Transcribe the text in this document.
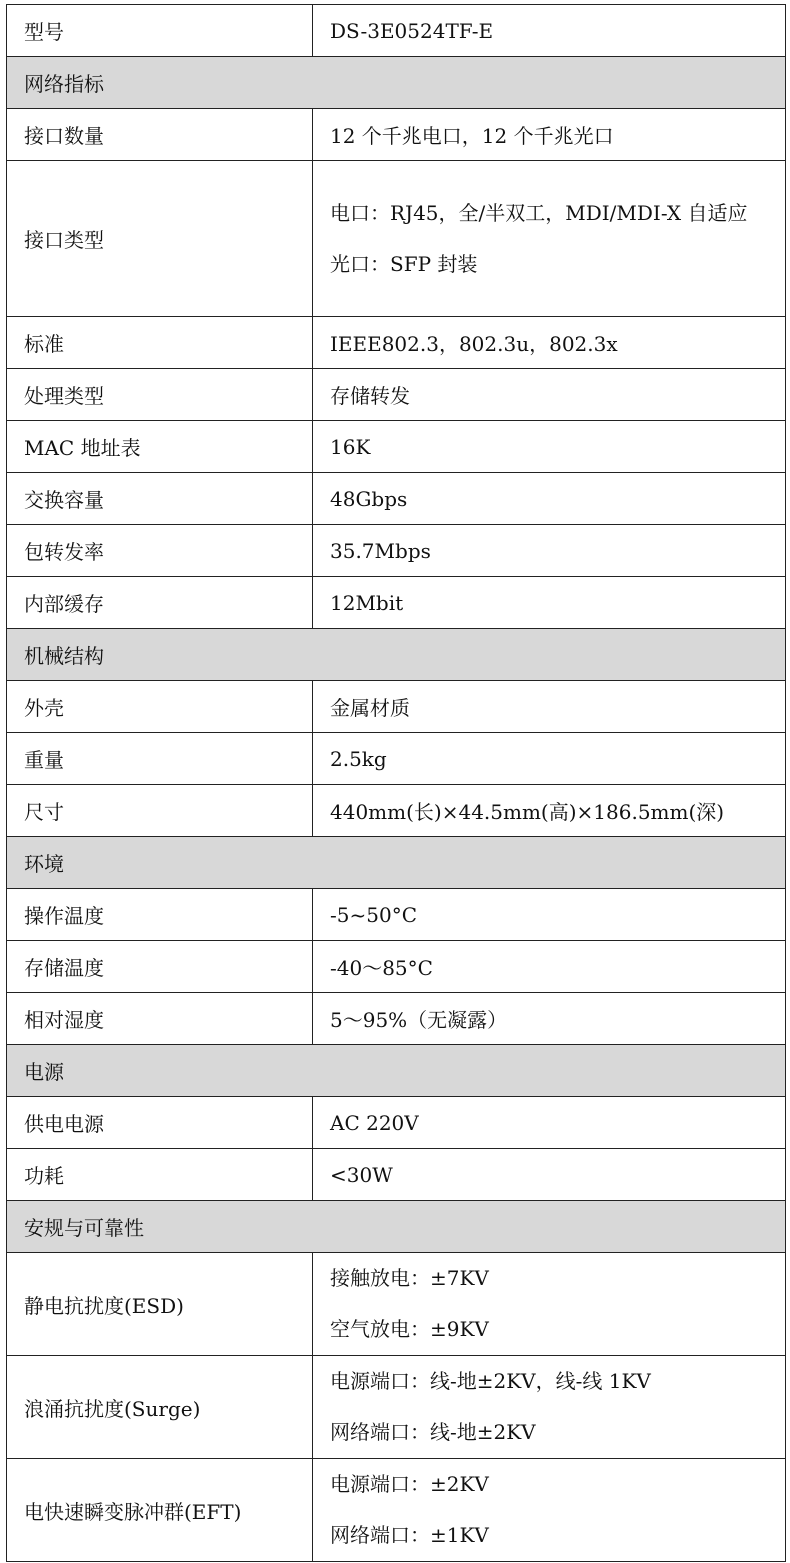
型号	DS-3E0524TF-E
网络指标	
接口数量	12 个千兆电口，12 个千兆光口
接口类型	电口：RJ45，全/半双工，MDI/MDI-X 自适应
光口：SFP 封装

标准	IEEE802.3，802.3u，802.3x
处理类型	存储转发
MAC 地址表	16K
交换容量	48Gbps
包转发率	35.7Mbps
内部缓存	12Mbit
机械结构	
外壳	金属材质
重量	2.5kg
尺寸	440mm(长)×44.5mm(高)×186.5mm(深)
环境	
操作温度	-5~50°C
存储温度	-40～85°C
相对湿度	5～95%（无凝露）
电源	
供电电源	AC 220V
功耗	<30W
安规与可靠性	
静电抗扰度(ESD)	接触放电：±7KV
空气放电：±9KV

浪涌抗扰度(Surge)	电源端口：线-地±2KV，线-线 1KV
网络端口：线-地±2KV

电快速瞬变脉冲群(EFT)	电源端口：±2KV
网络端口：±1KV
